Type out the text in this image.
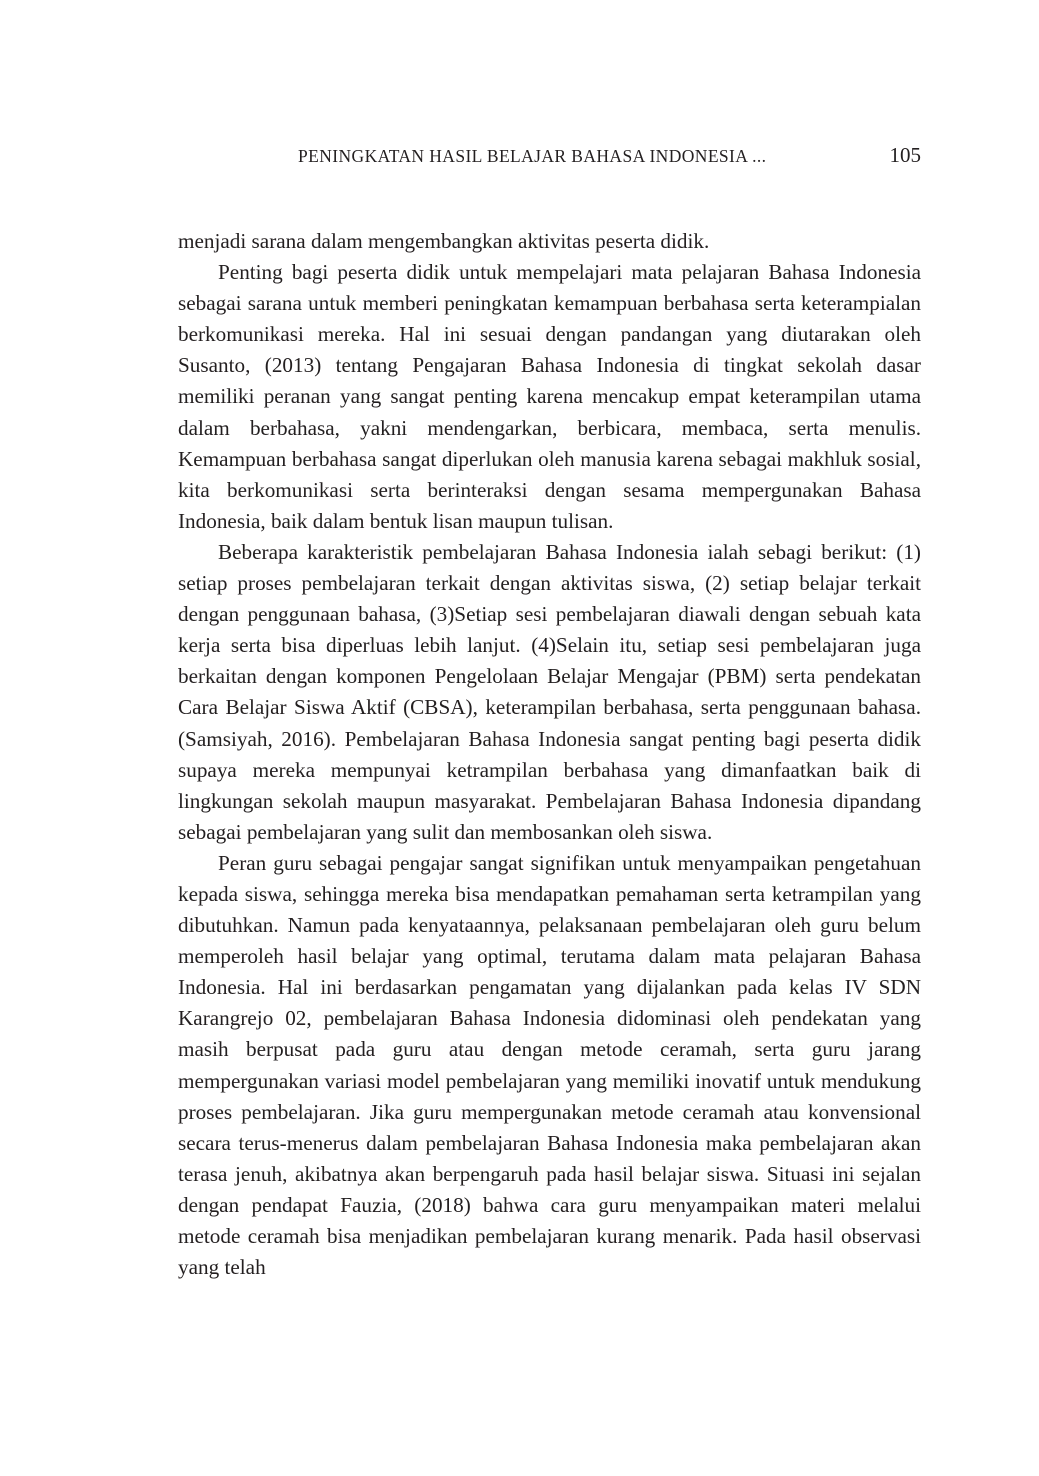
PENINGKATAN HASIL BELAJAR BAHASA INDONESIA ...	105

menjadi sarana dalam mengembangkan aktivitas peserta didik.

Penting bagi peserta didik untuk mempelajari mata pelajaran Bahasa Indonesia sebagai sarana untuk memberi peningkatan kemampuan berbahasa serta keterampialan berkomunikasi mereka. Hal ini sesuai dengan pandangan yang diutarakan oleh Susanto, (2013) tentang Pengajaran Bahasa Indonesia di tingkat sekolah dasar memiliki peranan yang sangat penting karena mencakup empat keterampilan utama dalam berbahasa, yakni mendengarkan, berbicara, membaca, serta menulis. Kemampuan berbahasa sangat diperlukan oleh manusia karena sebagai makhluk sosial, kita berkomunikasi serta berinteraksi dengan sesama mempergunakan Bahasa Indonesia, baik dalam bentuk lisan maupun tulisan.

Beberapa karakteristik pembelajaran Bahasa Indonesia ialah sebagi berikut: (1) setiap proses pembelajaran terkait dengan aktivitas siswa, (2) setiap belajar terkait dengan penggunaan bahasa, (3)Setiap sesi pembelajaran diawali dengan sebuah kata kerja serta bisa diperluas lebih lanjut. (4)Selain itu, setiap sesi pembelajaran juga berkaitan dengan komponen Pengelolaan Belajar Mengajar (PBM) serta pendekatan Cara Belajar Siswa Aktif (CBSA), keterampilan berbahasa, serta penggunaan bahasa. (Samsiyah, 2016). Pembelajaran Bahasa Indonesia sangat penting bagi peserta didik supaya mereka mempunyai ketrampilan berbahasa yang dimanfaatkan baik di lingkungan sekolah maupun masyarakat. Pembelajaran Bahasa Indonesia dipandang sebagai pembelajaran yang sulit dan membosankan oleh siswa.

Peran guru sebagai pengajar sangat signifikan untuk menyampaikan pengetahuan kepada siswa, sehingga mereka bisa mendapatkan pemahaman serta ketrampilan yang dibutuhkan. Namun pada kenyataannya, pelaksanaan pembelajaran oleh guru belum memperoleh hasil belajar yang optimal, terutama dalam mata pelajaran Bahasa Indonesia. Hal ini berdasarkan pengamatan yang dijalankan pada kelas IV SDN Karangrejo 02, pembelajaran Bahasa Indonesia didominasi oleh pendekatan yang masih berpusat pada guru atau dengan metode ceramah, serta guru jarang mempergunakan variasi model pembelajaran yang memiliki inovatif untuk mendukung proses pembelajaran. Jika guru mempergunakan metode ceramah atau konvensional secara terus-menerus dalam pembelajaran Bahasa Indonesia maka pembelajaran akan terasa jenuh, akibatnya akan berpengaruh pada hasil belajar siswa. Situasi ini sejalan dengan pendapat Fauzia, (2018) bahwa cara guru menyampaikan materi melalui metode ceramah bisa menjadikan pembelajaran kurang menarik. Pada hasil observasi yang telah
